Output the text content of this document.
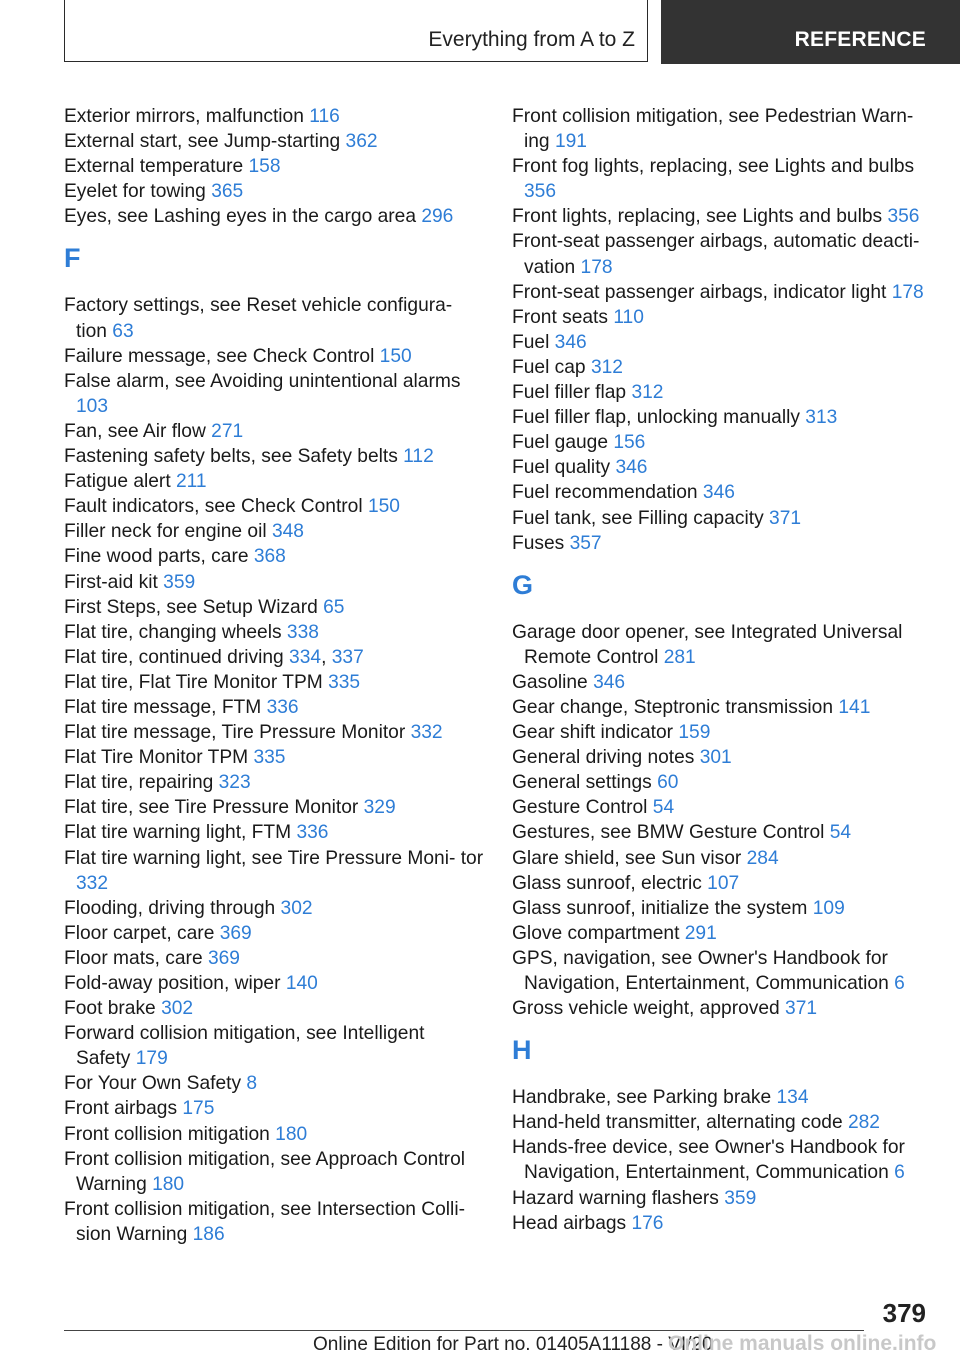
Everything from A to Z	REFERENCE

Exterior mirrors, malfunction 116

External start, see Jump-starting 362

External temperature 158

Eyelet for towing 365

Eyes, see Lashing eyes in the cargo area 296

F

Factory settings, see Reset vehicle configura‐ tion 63

Failure message, see Check Control 150

False alarm, see Avoiding unintentional alarms 103

Fan, see Air flow 271

Fastening safety belts, see Safety belts 112

Fatigue alert 211

Fault indicators, see Check Control 150

Filler neck for engine oil 348

Fine wood parts, care 368

First-aid kit 359

First Steps, see Setup Wizard 65

Flat tire, changing wheels 338

Flat tire, continued driving 334, 337

Flat tire, Flat Tire Monitor TPM 335

Flat tire message, FTM 336

Flat tire message, Tire Pressure Monitor 332

Flat Tire Monitor TPM 335

Flat tire, repairing 323

Flat tire, see Tire Pressure Monitor 329

Flat tire warning light, FTM 336

Flat tire warning light, see Tire Pressure Moni‐ tor 332

Flooding, driving through 302

Floor carpet, care 369

Floor mats, care 369

Fold-away position, wiper 140

Foot brake 302

Forward collision mitigation, see Intelligent Safety 179

For Your Own Safety 8

Front airbags 175

Front collision mitigation 180

Front collision mitigation, see Approach Control Warning 180

Front collision mitigation, see Intersection Colli‐ sion Warning 186

Front collision mitigation, see Pedestrian Warn‐ ing 191

Front fog lights, replacing, see Lights and bulbs 356

Front lights, replacing, see Lights and bulbs 356

Front-seat passenger airbags, automatic deacti‐ vation 178

Front-seat passenger airbags, indicator light 178

Front seats 110

Fuel 346

Fuel cap 312

Fuel filler flap 312

Fuel filler flap, unlocking manually 313

Fuel gauge 156

Fuel quality 346

Fuel recommendation 346

Fuel tank, see Filling capacity 371

Fuses 357

G

Garage door opener, see Integrated Universal Remote Control 281

Gasoline 346

Gear change, Steptronic transmission 141

Gear shift indicator 159

General driving notes 301

General settings 60

Gesture Control 54

Gestures, see BMW Gesture Control 54

Glare shield, see Sun visor 284

Glass sunroof, electric 107

Glass sunroof, initialize the system 109

Glove compartment 291

GPS, navigation, see Owner's Handbook for Navigation, Entertainment, Communication 6

Gross vehicle weight, approved 371

H

Handbrake, see Parking brake 134

Hand-held transmitter, alternating code 282

Hands-free device, see Owner's Handbook for Navigation, Entertainment, Communication 6

Hazard warning flashers 359

Head airbags 176

379
Online Edition for Part no. 01405A11188 - VI/20
Online manuals online.info
